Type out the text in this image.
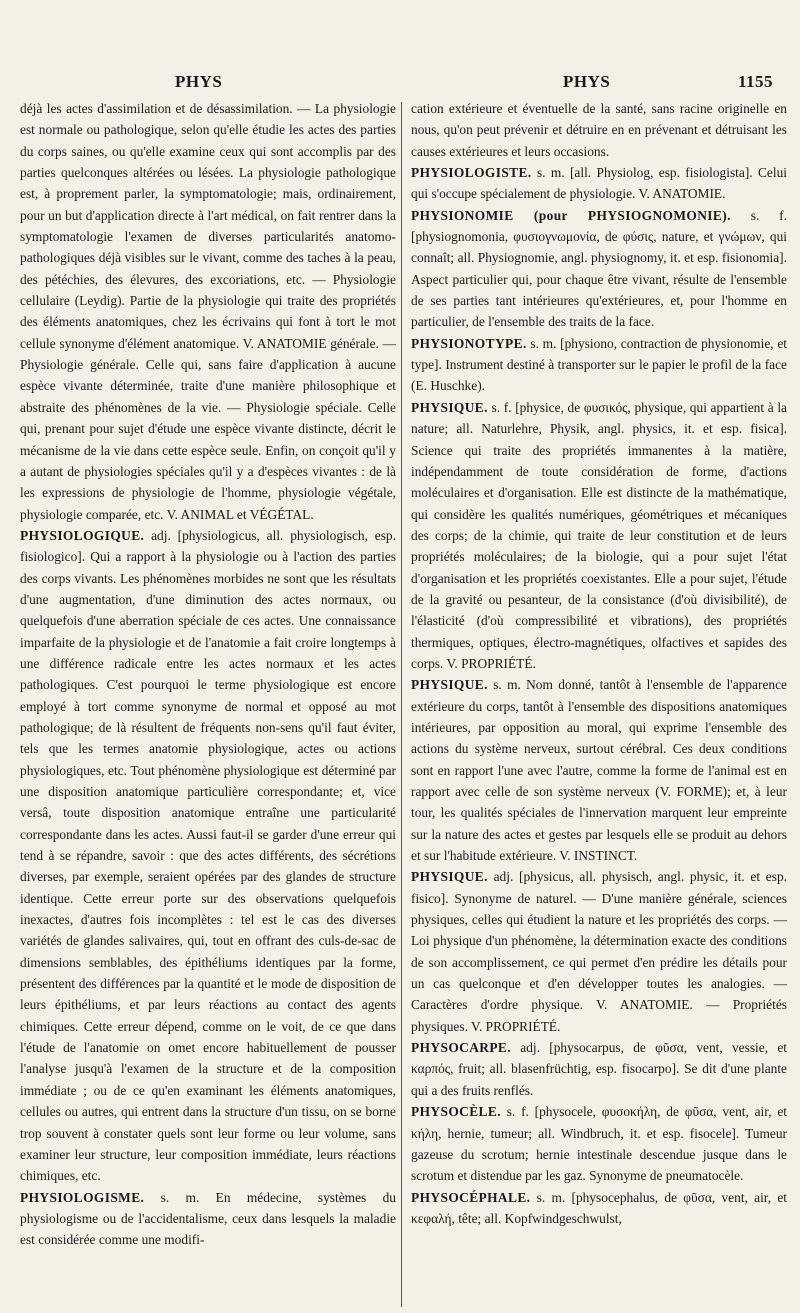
PHYS	PHYS	1155

déjà les actes d'assimilation et de désassimilation. — La physiologie est normale ou pathologique, selon qu'elle étudie les actes des parties du corps saines, ou qu'elle examine ceux qui sont accomplis par des parties quelconques altérées ou lésées. La physiologie pathologique est, à proprement parler, la symptomatologie; mais, ordinairement, pour un but d'application directe à l'art médical, on fait rentrer dans la symptomatologie l'examen de diverses particularités anatomo-pathologiques déjà visibles sur le vivant, comme des taches à la peau, des pétéchies, des élevures, des excoriations, etc. — Physiologie cellulaire (Leydig). Partie de la physiologie qui traite des propriétés des éléments anatomiques, chez les écrivains qui font à tort le mot cellule synonyme d'élément anatomique. V. ANATOMIE générale. — Physiologie générale. Celle qui, sans faire d'application à aucune espèce vivante déterminée, traite d'une manière philosophique et abstraite des phénomènes de la vie. — Physiologie spéciale. Celle qui, prenant pour sujet d'étude une espèce vivante distincte, décrit le mécanisme de la vie dans cette espèce seule. Enfin, on conçoit qu'il y a autant de physiologies spéciales qu'il y a d'espèces vivantes : de là les expressions de physiologie de l'homme, physiologie végétale, physiologie comparée, etc. V. ANIMAL et VÉGÉTAL.

PHYSIOLOGIQUE. adj. [physiologicus, all. physiologisch, esp. fisiologico]. Qui a rapport à la physiologie ou à l'action des parties des corps vivants. Les phénomènes morbides ne sont que les résultats d'une augmentation, d'une diminution des actes normaux, ou quelquefois d'une aberration spéciale de ces actes. Une connaissance imparfaite de la physiologie et de l'anatomie a fait croire longtemps à une différence radicale entre les actes normaux et les actes pathologiques. C'est pourquoi le terme physiologique est encore employé à tort comme synonyme de normal et opposé au mot pathologique; de là résultent de fréquents non-sens qu'il faut éviter, tels que les termes anatomie physiologique, actes ou actions physiologiques, etc. Tout phénomène physiologique est déterminé par une disposition anatomique particulière correspondante; et, vice versâ, toute disposition anatomique entraîne une particularité correspondante dans les actes. Aussi faut-il se garder d'une erreur qui tend à se répandre, savoir : que des actes différents, des sécrétions diverses, par exemple, seraient opérées par des glandes de structure identique. Cette erreur porte sur des observations quelquefois inexactes, d'autres fois incomplètes : tel est le cas des diverses variétés de glandes salivaires, qui, tout en offrant des culs-de-sac de dimensions semblables, des épithéliums identiques par la forme, présentent des différences par la quantité et le mode de disposition de leurs épithéliums, et par leurs réactions au contact des agents chimiques. Cette erreur dépend, comme on le voit, de ce que dans l'étude de l'anatomie on omet encore habituellement de pousser l'analyse jusqu'à l'examen de la structure et de la composition immédiate ; ou de ce qu'en examinant les éléments anatomiques, cellules ou autres, qui entrent dans la structure d'un tissu, on se borne trop souvent à constater quels sont leur forme ou leur volume, sans examiner leur structure, leur composition immédiate, leurs réactions chimiques, etc.

PHYSIOLOGISME. s. m. En médecine, systèmes du physiologisme ou de l'accidentalisme, ceux dans lesquels la maladie est considérée comme une modifi-

cation extérieure et éventuelle de la santé, sans racine originelle en nous, qu'on peut prévenir et détruire en en prévenant et détruisant les causes extérieures et leurs occasions.

PHYSIOLOGISTE. s. m. [all. Physiolog, esp. fisiologista]. Celui qui s'occupe spécialement de physiologie. V. ANATOMIE.

PHYSIONOMIE (pour PHYSIOGNOMONIE). s. f. [physiognomonia, φυσιογνωμονία, de φύσις, nature, et γνώμων, qui connaît; all. Physiognomie, angl. physiognomy, it. et esp. fisionomia]. Aspect particulier qui, pour chaque être vivant, résulte de l'ensemble de ses parties tant intérieures qu'extérieures, et, pour l'homme en particulier, de l'ensemble des traits de la face.

PHYSIONOTYPE. s. m. [physiono, contraction de physionomie, et type]. Instrument destiné à transporter sur le papier le profil de la face (E. Huschke).

PHYSIQUE. s. f. [physice, de φυσικός, physique, qui appartient à la nature; all. Naturlehre, Physik, angl. physics, it. et esp. fisica]. Science qui traite des propriétés immanentes à la matière, indépendamment de toute considération de forme, d'actions moléculaires et d'organisation. Elle est distincte de la mathématique, qui considère les qualités numériques, géométriques et mécaniques des corps; de la chimie, qui traite de leur constitution et de leurs propriétés moléculaires; de la biologie, qui a pour sujet l'état d'organisation et les propriétés coexistantes. Elle a pour sujet, l'étude de la gravité ou pesanteur, de la consistance (d'où divisibilité), de l'élasticité (d'où compressibilité et vibrations), des propriétés thermiques, optiques, électro-magnétiques, olfactives et sapides des corps. V. PROPRIÉTÉ.

PHYSIQUE. s. m. Nom donné, tantôt à l'ensemble de l'apparence extérieure du corps, tantôt à l'ensemble des dispositions anatomiques intérieures, par opposition au moral, qui exprime l'ensemble des actions du système nerveux, surtout cérébral. Ces deux conditions sont en rapport l'une avec l'autre, comme la forme de l'animal est en rapport avec celle de son système nerveux (V. FORME); et, à leur tour, les qualités spéciales de l'innervation marquent leur empreinte sur la nature des actes et gestes par lesquels elle se produit au dehors et sur l'habitude extérieure. V. INSTINCT.

PHYSIQUE. adj. [physicus, all. physisch, angl. physic, it. et esp. fisico]. Synonyme de naturel. — D'une manière générale, sciences physiques, celles qui étudient la nature et les propriétés des corps. — Loi physique d'un phénomène, la détermination exacte des conditions de son accomplissement, ce qui permet d'en prédire les détails pour un cas quelconque et d'en développer toutes les analogies. — Caractères d'ordre physique. V. ANATOMIE. — Propriétés physiques. V. PROPRIÉTÉ.

PHYSOCARPE. adj. [physocarpus, de φῦσα, vent, vessie, et καρπός, fruit; all. blasenfrüchtig, esp. fisocarpo]. Se dit d'une plante qui a des fruits renflés.

PHYSOCÈLE. s. f. [physocele, φυσοκήλη, de φῦσα, vent, air, et κήλη, hernie, tumeur; all. Windbruch, it. et esp. fisocele]. Tumeur gazeuse du scrotum; hernie intestinale descendue jusque dans le scrotum et distendue par les gaz. Synonyme de pneumatocèle.

PHYSOCÉPHALE. s. m. [physocephalus, de φῦσα, vent, air, et κεφαλή, tête; all. Kopfwindgeschwulst,
